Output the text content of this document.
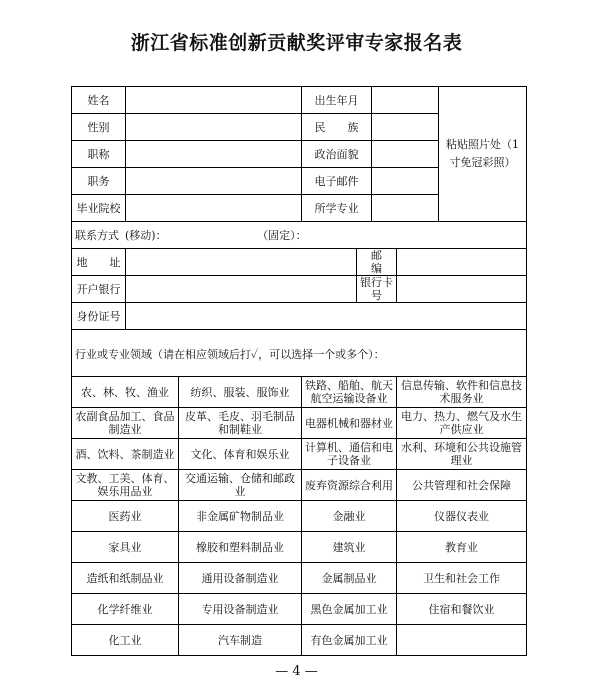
浙江省标准创新贡献奖评审专家报名表
姓名			出生年月				粘贴照片处（1寸免冠彩照）
性别			民　　族				
职称			政治面貌				
职务			电子邮件				
毕业院校			所学专业				
联系方式 (移动)： （固定）：							
地　　址				邮　　编			
开户银行				银行卡号			
身份证号							
行业或专业领域（请在相应领域后打✓，可以选择一个或多个）：							
农、林、牧、渔业		纺织、服装、服饰业	铁路、船舶、航天航空运输设备业			信息传输、软件和信息技术服务业	
农副食品加工、食品制造业		皮革、毛皮、羽毛制品和制鞋业	电器机械和器材业			电力、热力、燃气及水生产供应业	
酒、饮料、茶制造业		文化、体育和娱乐业	计算机、通信和电子设备业			水利、环境和公共设施管理业	
文教、工美、体育、娱乐用品业		交通运输、仓储和邮政业	废弃资源综合利用			公共管理和社会保障	
医药业		非金属矿物制品业	金融业			仪器仪表业	
家具业		橡胶和塑料制品业	建筑业			教育业	
造纸和纸制品业		通用设备制造业	金属制品业			卫生和社会工作	
化学纤维业		专用设备制造业	黑色金属加工业			住宿和餐饮业	
化工业		汽车制造	有色金属加工业				
— 4 —
